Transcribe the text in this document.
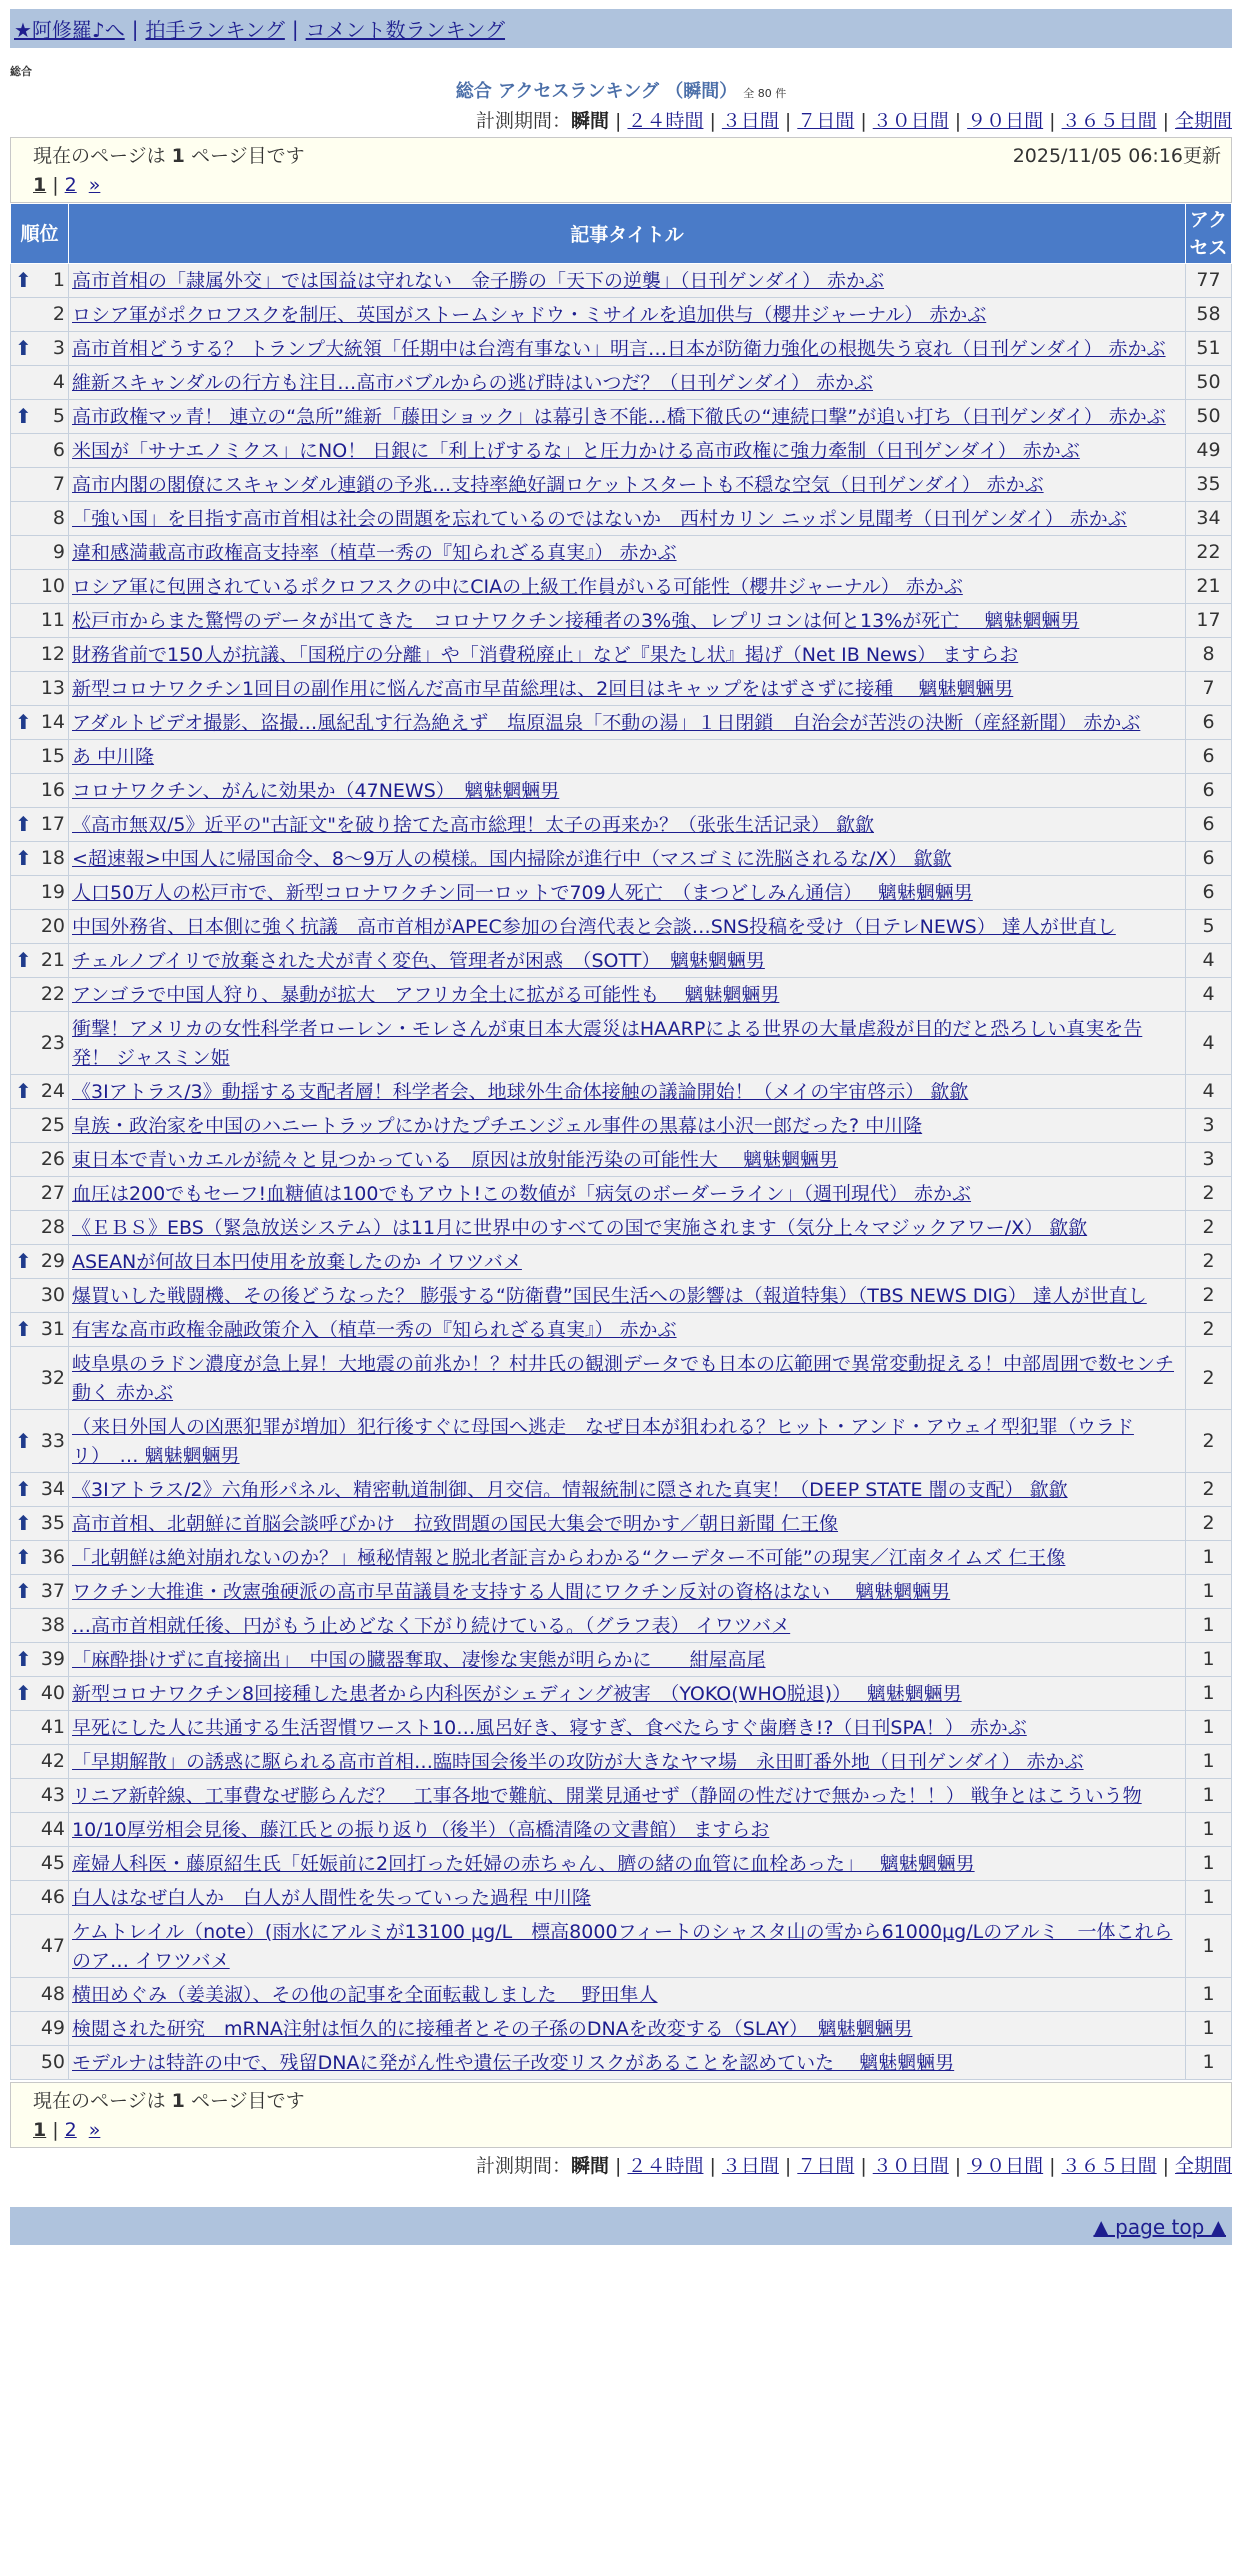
★阿修羅♪へ | 拍手ランキング | コメント数ランキング
総合
総合 アクセスランキング （瞬間） 全 80 件
計測期間：瞬間 | ２４時間 | ３日間 | ７日間 | ３０日間 | ９０日間 | ３６５日間 | 全期間
現在のページは 1 ページ目です	2025/11/05 06:16更新
1 | 2 »
順位	記事タイトル	アクセス

⬆ 1	高市首相の「隷属外交」では国益は守れない　金子勝の「天下の逆襲」（日刊ゲンダイ） 赤かぶ	77
2	ロシア軍がポクロフスクを制圧、英国がストームシャドウ・ミサイルを追加供与（櫻井ジャーナル） 赤かぶ	58

⬆ 3	高市首相どうする？ トランプ大統領「任期中は台湾有事ない」明言…日本が防衛力強化の根拠失う哀れ（日刊ゲンダイ） 赤かぶ	51
4	維新スキャンダルの行方も注目…高市バブルからの逃げ時はいつだ？（日刊ゲンダイ） 赤かぶ	50

⬆ 5	高市政権マッ青！ 連立の“急所”維新「藤田ショック」は幕引き不能…橋下徹氏の“連続口撃”が追い打ち（日刊ゲンダイ） 赤かぶ	50
6	米国が「サナエノミクス」にNO！ 日銀に「利上げするな」と圧力かける高市政権に強力牽制（日刊ゲンダイ） 赤かぶ	49
7	高市内閣の閣僚にスキャンダル連鎖の予兆…支持率絶好調ロケットスタートも不穏な空気（日刊ゲンダイ） 赤かぶ	35
8	「強い国」を目指す高市首相は社会の問題を忘れているのではないか　西村カリン ニッポン見聞考（日刊ゲンダイ） 赤かぶ	34
9	違和感満載高市政権高支持率（植草一秀の『知られざる真実』） 赤かぶ	22
10	ロシア軍に包囲されているポクロフスクの中にCIAの上級工作員がいる可能性（櫻井ジャーナル） 赤かぶ	21
11	松戸市からまた驚愕のデータが出てきた　コロナワクチン接種者の3%強、レプリコンは何と13%が死亡　 魑魅魍魎男	17
12	財務省前で150人が抗議、「国税庁の分離」や「消費税廃止」など『果たし状』掲げ（Net IB News） ますらお	8
13	新型コロナワクチン1回目の副作用に悩んだ高市早苗総理は、2回目はキャップをはずさずに接種　 魑魅魍魎男	7

⬆ 14	アダルトビデオ撮影、盗撮…風紀乱す行為絶えず　塩原温泉「不動の湯」１日閉鎖　自治会が苦渋の決断（産経新聞） 赤かぶ	6
15	あ 中川隆	6
16	コロナワクチン、がんに効果か（47NEWS）　魑魅魍魎男	6

⬆ 17	《高市無双/5》近平の"古証文"を破り捨てた高市総理！太子の再来か？（张张生活记录） 歙歙	6

⬆ 18	<超速報>中国人に帰国命令、8～9万人の模様。国内掃除が進行中（マスゴミに洗脳されるな/X） 歙歙	6
19	人口50万人の松戸市で、新型コロナワクチン同一ロットで709人死亡　（まつどしみん通信）　 魑魅魍魎男	6
20	中国外務省、日本側に強く抗議　高市首相がAPEC参加の台湾代表と会談…SNS投稿を受け（日テレNEWS） 達人が世直し	5

⬆ 21	チェルノブイリで放棄された犬が青く変色、管理者が困惑　（SOTT）　魑魅魍魎男	4
22	アンゴラで中国人狩り、暴動が拡大　アフリカ全土に拡がる可能性も　 魑魅魍魎男	4
23	衝撃！アメリカの女性科学者ローレン・モレさんが東日本大震災はHAARPによる世界の大量虐殺が目的だと恐ろしい真実を告発！ ジャスミン姫	4

⬆ 24	《3Iアトラス/3》動揺する支配者層！科学者会、地球外生命体接触の議論開始！（メイの宇宙啓示） 歙歙	4
25	皇族・政治家を中国のハニートラップにかけたプチエンジェル事件の黒幕は小沢一郎だった? 中川隆	3
26	東日本で青いカエルが続々と見つかっている　原因は放射能汚染の可能性大　 魑魅魍魎男	3
27	血圧は200でもセーフ!血糖値は100でもアウト!この数値が「病気のボーダーライン」（週刊現代） 赤かぶ	2
28	《ＥＢＳ》EBS（緊急放送システム）は11月に世界中のすべての国で実施されます（気分上々マジックアワー/X） 歙歙	2

⬆ 29	ASEANが何故日本円使用を放棄したのか イワツバメ	2
30	爆買いした戦闘機、その後どうなった？ 膨張する“防衛費”国民生活への影響は（報道特集）（TBS NEWS DIG） 達人が世直し	2

⬆ 31	有害な高市政権金融政策介入（植草一秀の『知られざる真実』） 赤かぶ	2
32	岐阜県のラドン濃度が急上昇！大地震の前兆か！？村井氏の観測データでも日本の広範囲で異常変動捉える！中部周囲で数センチ動く 赤かぶ	2

⬆ 33	（来日外国人の凶悪犯罪が増加）犯行後すぐに母国へ逃走　なぜ日本が狙われる？ヒット・アンド・アウェイ型犯罪（ウラドリ）　… 魑魅魍魎男	2

⬆ 34	《3Iアトラス/2》六角形パネル、精密軌道制御、月交信。情報統制に隠された真実！（DEEP STATE 闇の支配） 歙歙	2

⬆ 35	高市首相、北朝鮮に首脳会談呼びかけ　拉致問題の国民大集会で明かす／朝日新聞 仁王像	2

⬆ 36	「北朝鮮は絶対崩れないのか？」極秘情報と脱北者証言からわかる“クーデター不可能”の現実／江南タイムズ 仁王像	1

⬆ 37	ワクチン大推進・改憲強硬派の高市早苗議員を支持する人間にワクチン反対の資格はない　 魑魅魍魎男	1
38	…高市首相就任後、円がもう止めどなく下がり続けている。（グラフ表） イワツバメ	1

⬆ 39	「麻酔掛けずに直接摘出」　中国の臓器奪取、凄惨な実態が明らかに　　紺屋高尾	1

⬆ 40	新型コロナワクチン8回接種した患者から内科医がシェディング被害　（YOKO(WHO脱退)）　 魑魅魍魎男	1
41	早死にした人に共通する生活習慣ワースト10…風呂好き、寝すぎ、食べたらすぐ歯磨き!?（日刊SPA！） 赤かぶ	1
42	「早期解散」の誘惑に駆られる高市首相…臨時国会後半の攻防が大きなヤマ場　永田町番外地（日刊ゲンダイ） 赤かぶ	1
43	リニア新幹線、工事費なぜ膨らんだ？　工事各地で難航、開業見通せず（静岡の性だけで無かった！！） 戦争とはこういう物	1
44	10/10厚労相会見後、藤江氏との振り返り（後半）（高橋清隆の文書館） ますらお	1
45	産婦人科医・藤原紹生氏「妊娠前に2回打った妊婦の赤ちゃん、臍の緒の血管に血栓あった」　 魑魅魍魎男	1
46	白人はなぜ白人か　白人が人間性を失っていった過程 中川隆	1
47	ケムトレイル（note）(雨水にアルミが13100 μg/L　標高8000フィートのシャスタ山の雪から61000μg/Lのアルミ　一体これらのア… イワツバメ	1
48	横田めぐみ（姜美淑）、その他の記事を全面転載しました　 野田隼人	1
49	検閲された研究　mRNA注射は恒久的に接種者とその子孫のDNAを改変する（SLAY）　魑魅魍魎男	1
50	モデルナは特許の中で、残留DNAに発がん性や遺伝子改変リスクがあることを認めていた　 魑魅魍魎男	1
現在のページは 1 ページ目です
1 | 2 »
計測期間：瞬間 | ２４時間 | ３日間 | ７日間 | ３０日間 | ９０日間 | ３６５日間 | 全期間
▲ page top ▲
